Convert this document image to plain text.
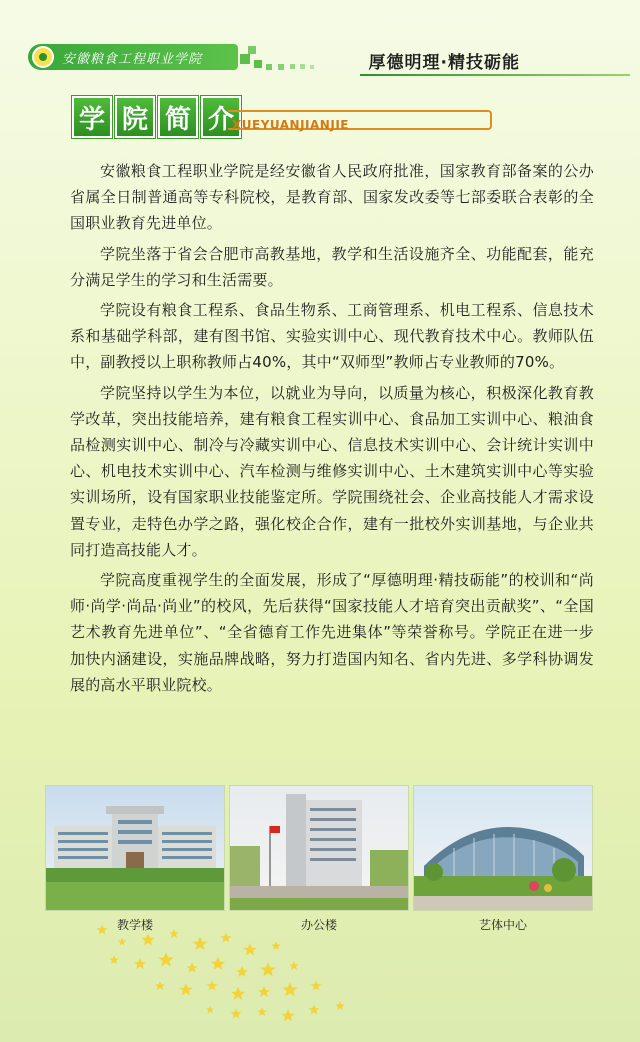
安徽粮食工程职业学院	厚德明理·精技砺能
学 院 简 介
XUEYUANJIANJIE

安徽粮食工程职业学院是经安徽省人民政府批准，国家教育部备案的公办省属全日制普通高等专科院校，是教育部、国家发改委等七部委联合表彰的全国职业教育先进单位。

学院坐落于省会合肥市高教基地，教学和生活设施齐全、功能配套，能充分满足学生的学习和生活需要。

学院设有粮食工程系、食品生物系、工商管理系、机电工程系、信息技术系和基础学科部，建有图书馆、实验实训中心、现代教育技术中心。教师队伍中，副教授以上职称教师占40%，其中“双师型”教师占专业教师的70%。

学院坚持以学生为本位，以就业为导向，以质量为核心，积极深化教育教学改革，突出技能培养，建有粮食工程实训中心、食品加工实训中心、粮油食品检测实训中心、制冷与冷藏实训中心、信息技术实训中心、会计统计实训中心、机电技术实训中心、汽车检测与维修实训中心、土木建筑实训中心等实验实训场所，设有国家职业技能鉴定所。学院围绕社会、企业高技能人才需求设置专业，走特色办学之路，强化校企合作，建有一批校外实训基地，与企业共同打造高技能人才。

学院高度重视学生的全面发展，形成了“厚德明理·精技砺能”的校训和“尚师·尚学·尚品·尚业”的校风，先后获得“国家技能人才培育突出贡献奖”、“全国艺术教育先进单位”、“全省德育工作先进集体”等荣誉称号。学院正在进一步加快内涵建设，实施品牌战略，努力打造国内知名、省内先进、多学科协调发展的高水平职业院校。

教学楼	办公楼	艺体中心
